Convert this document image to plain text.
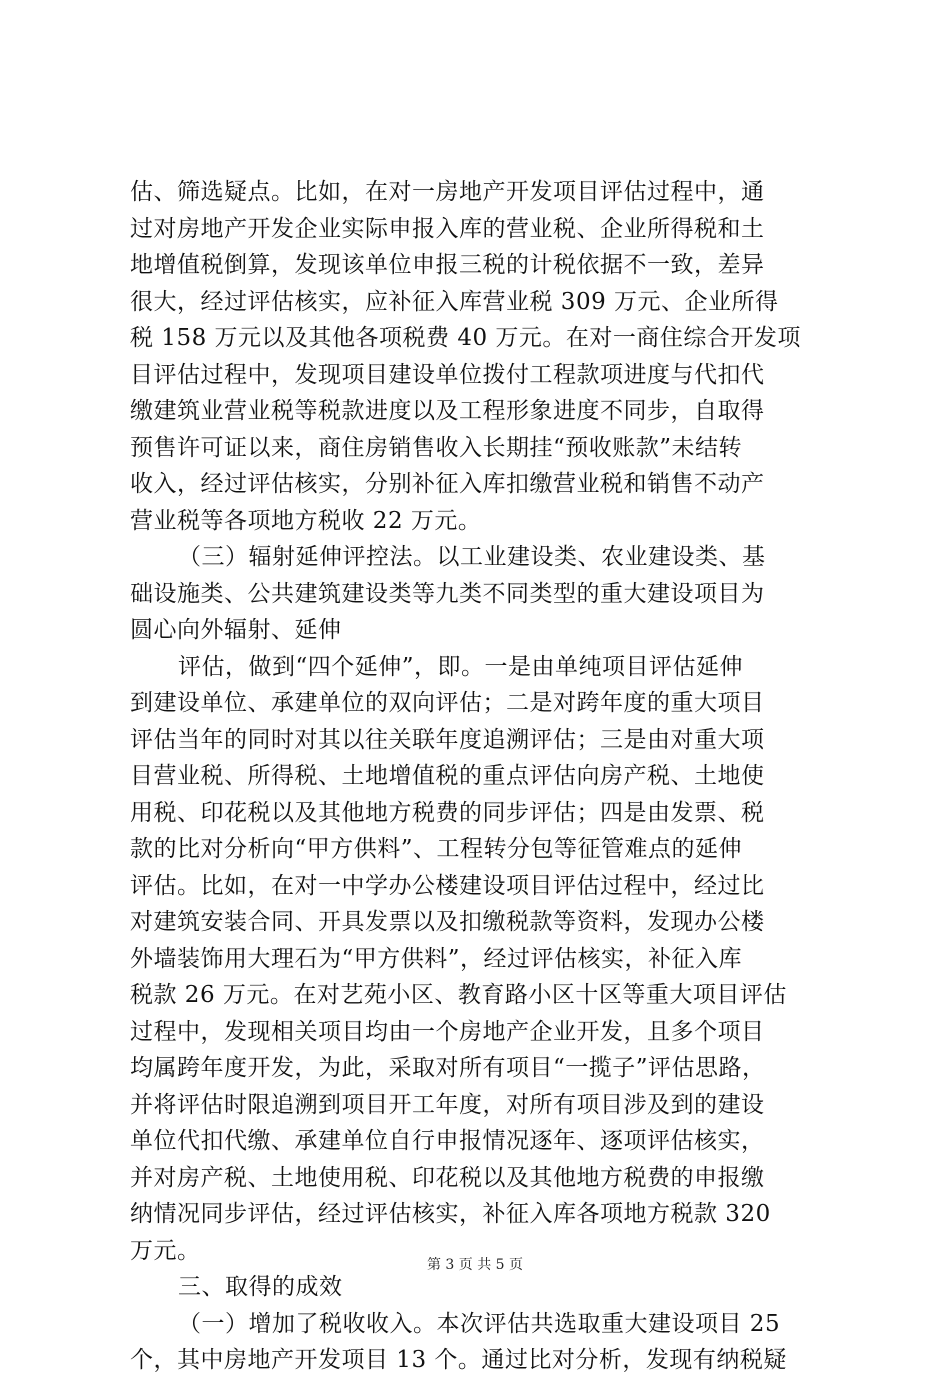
估、筛选疑点。比如，在对一房地产开发项目评估过程中，通
过对房地产开发企业实际申报入库的营业税、企业所得税和土
地增值税倒算，发现该单位申报三税的计税依据不一致，差异
很大，经过评估核实，应补征入库营业税 309 万元、企业所得
税 158 万元以及其他各项税费 40 万元。在对一商住综合开发项
目评估过程中，发现项目建设单位拨付工程款项进度与代扣代
缴建筑业营业税等税款进度以及工程形象进度不同步，自取得
预售许可证以来，商住房销售收入长期挂“预收账款”未结转
收入，经过评估核实，分别补征入库扣缴营业税和销售不动产
营业税等各项地方税收 22 万元。
（三）辐射延伸评控法。以工业建设类、农业建设类、基
础设施类、公共建筑建设类等九类不同类型的重大建设项目为
圆心向外辐射、延伸
评估，做到“四个延伸”，即。一是由单纯项目评估延伸
到建设单位、承建单位的双向评估；二是对跨年度的重大项目
评估当年的同时对其以往关联年度追溯评估；三是由对重大项
目营业税、所得税、土地增值税的重点评估向房产税、土地使
用税、印花税以及其他地方税费的同步评估；四是由发票、税
款的比对分析向“甲方供料”、工程转分包等征管难点的延伸
评估。比如，在对一中学办公楼建设项目评估过程中，经过比
对建筑安装合同、开具发票以及扣缴税款等资料，发现办公楼
外墙装饰用大理石为“甲方供料”，经过评估核实，补征入库
税款 26 万元。在对艺苑小区、教育路小区十区等重大项目评估
过程中，发现相关项目均由一个房地产企业开发，且多个项目
均属跨年度开发，为此，采取对所有项目“一揽子”评估思路，
并将评估时限追溯到项目开工年度，对所有项目涉及到的建设
单位代扣代缴、承建单位自行申报情况逐年、逐项评估核实，
并对房产税、土地使用税、印花税以及其他地方税费的申报缴
纳情况同步评估，经过评估核实，补征入库各项地方税款 320
万元。
三、取得的成效
（一）增加了税收收入。本次评估共选取重大建设项目 25
个，其中房地产开发项目 13 个。通过比对分析，发现有纳税疑
第 3 页 共 5 页
